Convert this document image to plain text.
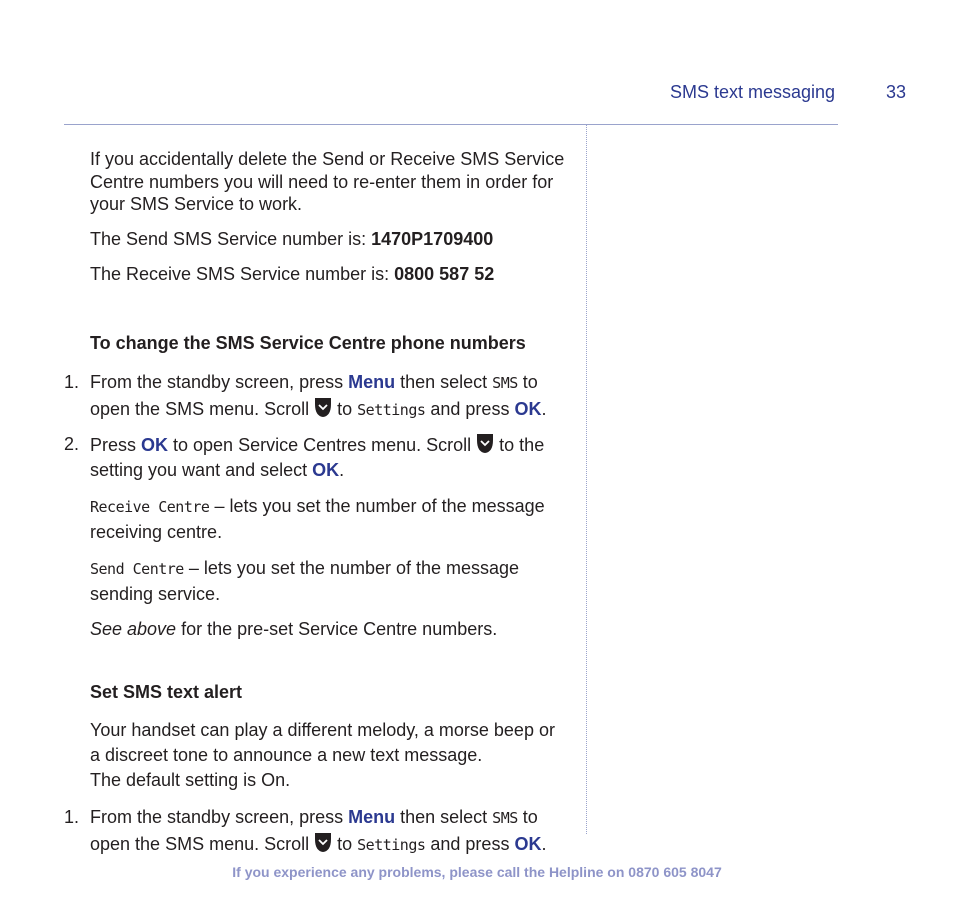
SMS text messaging	33

If you accidentally delete the Send or Receive SMS Service Centre numbers you will need to re-enter them in order for your SMS Service to work.

The Send SMS Service number is: 1470P1709400

The Receive SMS Service number is: 0800 587 52

To change the SMS Service Centre phone numbers

1. From the standby screen, press Menu then select SMS to open the SMS menu. Scroll  to Settings and press OK.

2. Press OK to open Service Centres menu. Scroll  to the setting you want and select OK.

Receive Centre – lets you set the number of the message receiving centre.

Send Centre – lets you set the number of the message sending service.

See above for the pre-set Service Centre numbers.

Set SMS text alert

Your handset can play a different melody, a morse beep or a discreet tone to announce a new text message.
The default setting is On.

1. From the standby screen, press Menu then select SMS to open the SMS menu. Scroll  to Settings and press OK.

If you experience any problems, please call the Helpline on 0870 605 8047
